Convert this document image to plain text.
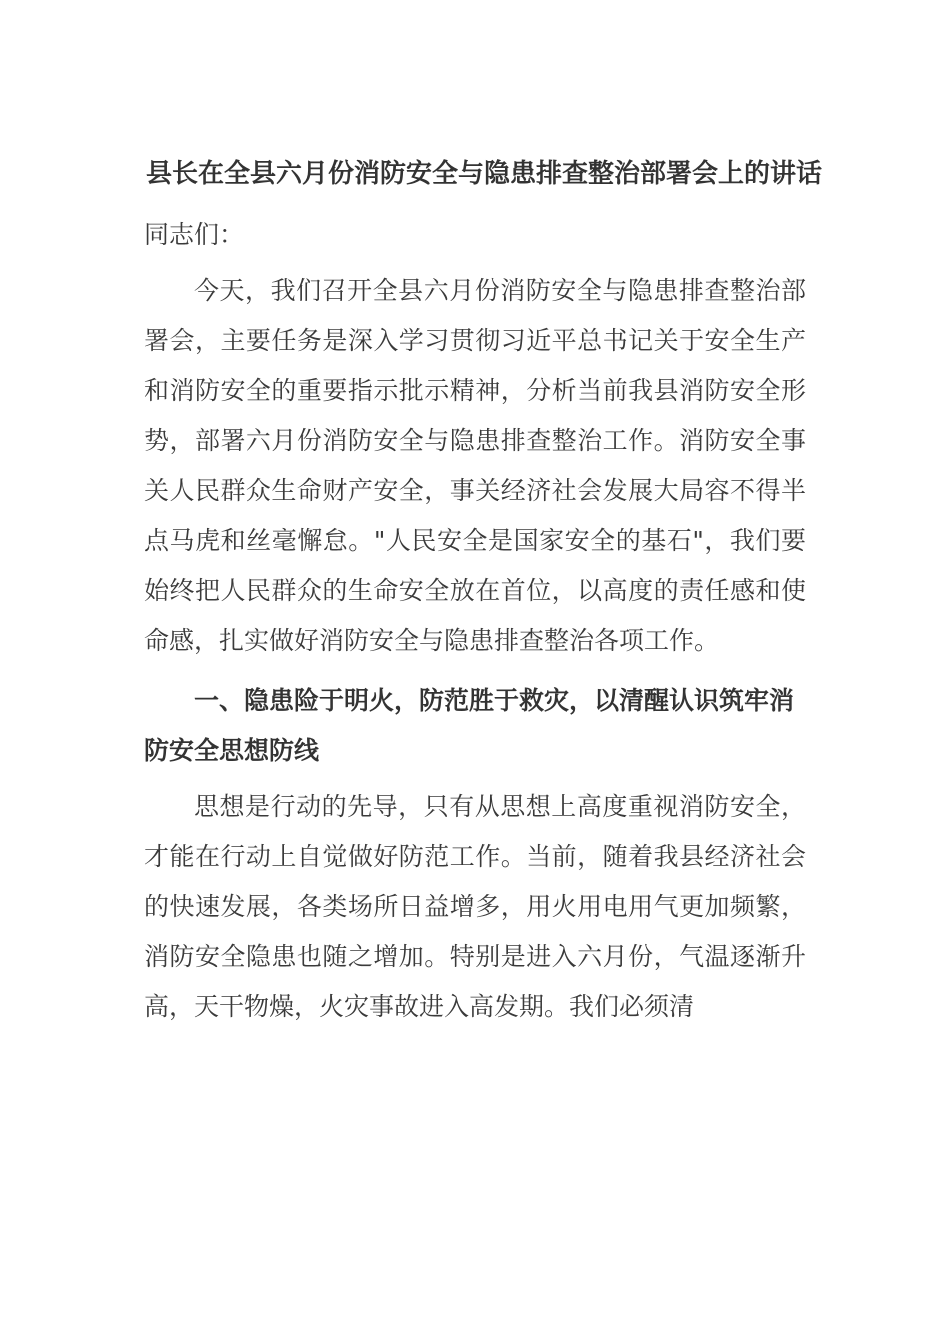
县长在全县六月份消防安全与隐患排查整治部署会上的讲话

同志们：

今天，我们召开全县六月份消防安全与隐患排查整治部署会，主要任务是深入学习贯彻习近平总书记关于安全生产和消防安全的重要指示批示精神，分析当前我县消防安全形势，部署六月份消防安全与隐患排查整治工作。消防安全事关人民群众生命财产安全，事关经济社会发展大局容不得半点马虎和丝毫懈怠。"人民安全是国家安全的基石"，我们要始终把人民群众的生命安全放在首位，以高度的责任感和使命感，扎实做好消防安全与隐患排查整治各项工作。

一、隐患险于明火，防范胜于救灾，以清醒认识筑牢消防安全思想防线

思想是行动的先导，只有从思想上高度重视消防安全，才能在行动上自觉做好防范工作。当前，随着我县经济社会的快速发展，各类场所日益增多，用火用电用气更加频繁，消防安全隐患也随之增加。特别是进入六月份，气温逐渐升高，天干物燥，火灾事故进入高发期。我们必须清
